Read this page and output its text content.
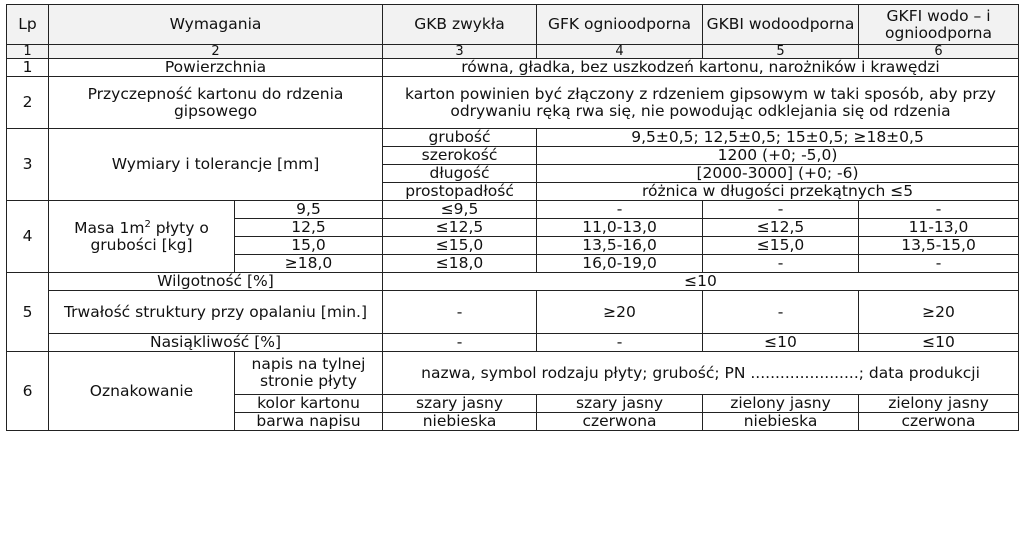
Lp	Wymagania		GKB zwykła	GFK ognioodporna	GKBI wodoodporna	GKFI wodo – i ognioodporna
1	2		3	4	5	6
1	Powierzchnia		równa, gładka, bez uszkodzeń kartonu, narożników i krawędzi			
2	Przyczepność kartonu do rdzenia gipsowego		karton powinien być złączony z rdzeniem gipsowym w taki sposób, aby przy odrywaniu ręką rwa się, nie powodując odklejania się od rdzenia			
3	Wymiary i tolerancje [mm]		grubość	9,5±0,5; 12,5±0,5; 15±0,5; ≥18±0,5		
			szerokość	1200 (+0; -5,0)		
			długość	[2000-3000] (+0; -6)		
			prostopadłość	różnica w długości przekątnych ≤5		
4	Masa $1m^2$ płyty o grubości [kg]	9,5	≤9,5	-	-	-
		12,5	≤12,5	11,0-13,0	≤12,5	11-13,0
		15,0	≤15,0	13,5-16,0	≤15,0	13,5-15,0
		≥18,0	≤18,0	16,0-19,0	-	-
5	Wilgotność [%]		≤10			
	Trwałość struktury przy opalaniu [min.]		-	≥20	-	≥20
	Nasiąkliwość [%]		-	-	≤10	≤10
6	Oznakowanie	napis na tylnej stronie płyty	nazwa, symbol rodzaju płyty; grubość; PN ......................; data produkcji			
		kolor kartonu	szary jasny	szary jasny	zielony jasny	zielony jasny
		barwa napisu	niebieska	czerwona	niebieska	czerwona
